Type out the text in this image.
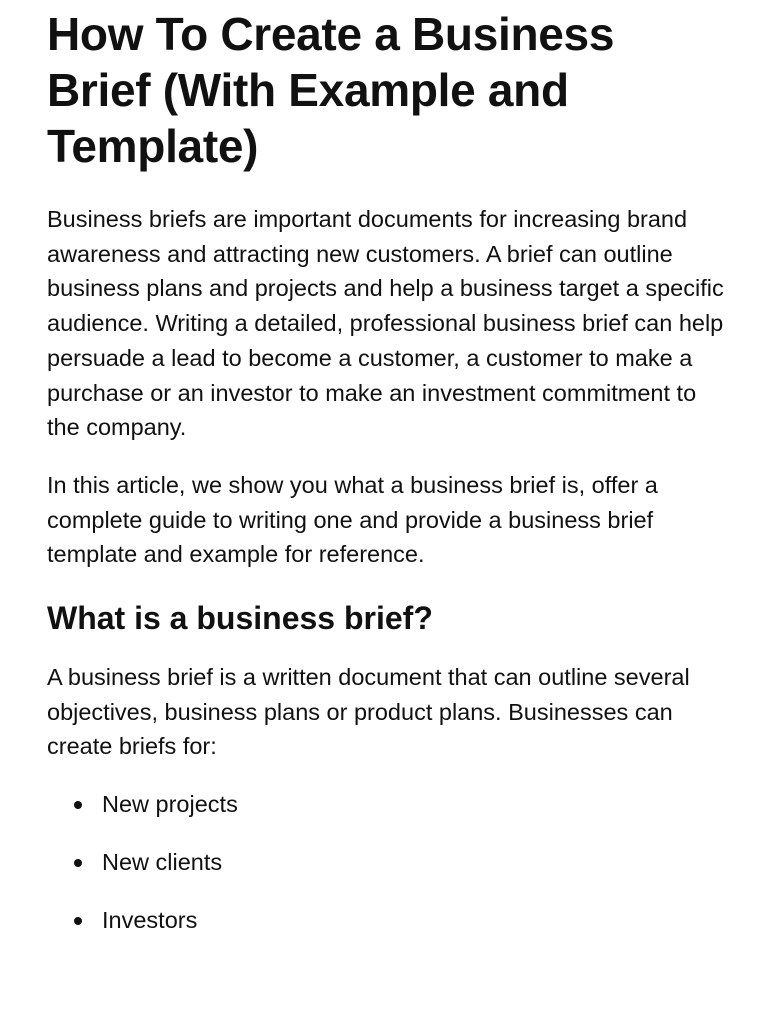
How To Create a Business Brief (With Example and Template)

Business briefs are important documents for increasing brand awareness and attracting new customers. A brief can outline business plans and projects and help a business target a specific audience. Writing a detailed, professional business brief can help persuade a lead to become a customer, a customer to make a purchase or an investor to make an investment commitment to the company.

In this article, we show you what a business brief is, offer a complete guide to writing one and provide a business brief template and example for reference.

What is a business brief?

A business brief is a written document that can outline several objectives, business plans or product plans. Businesses can create briefs for:

New projects
New clients
Investors
